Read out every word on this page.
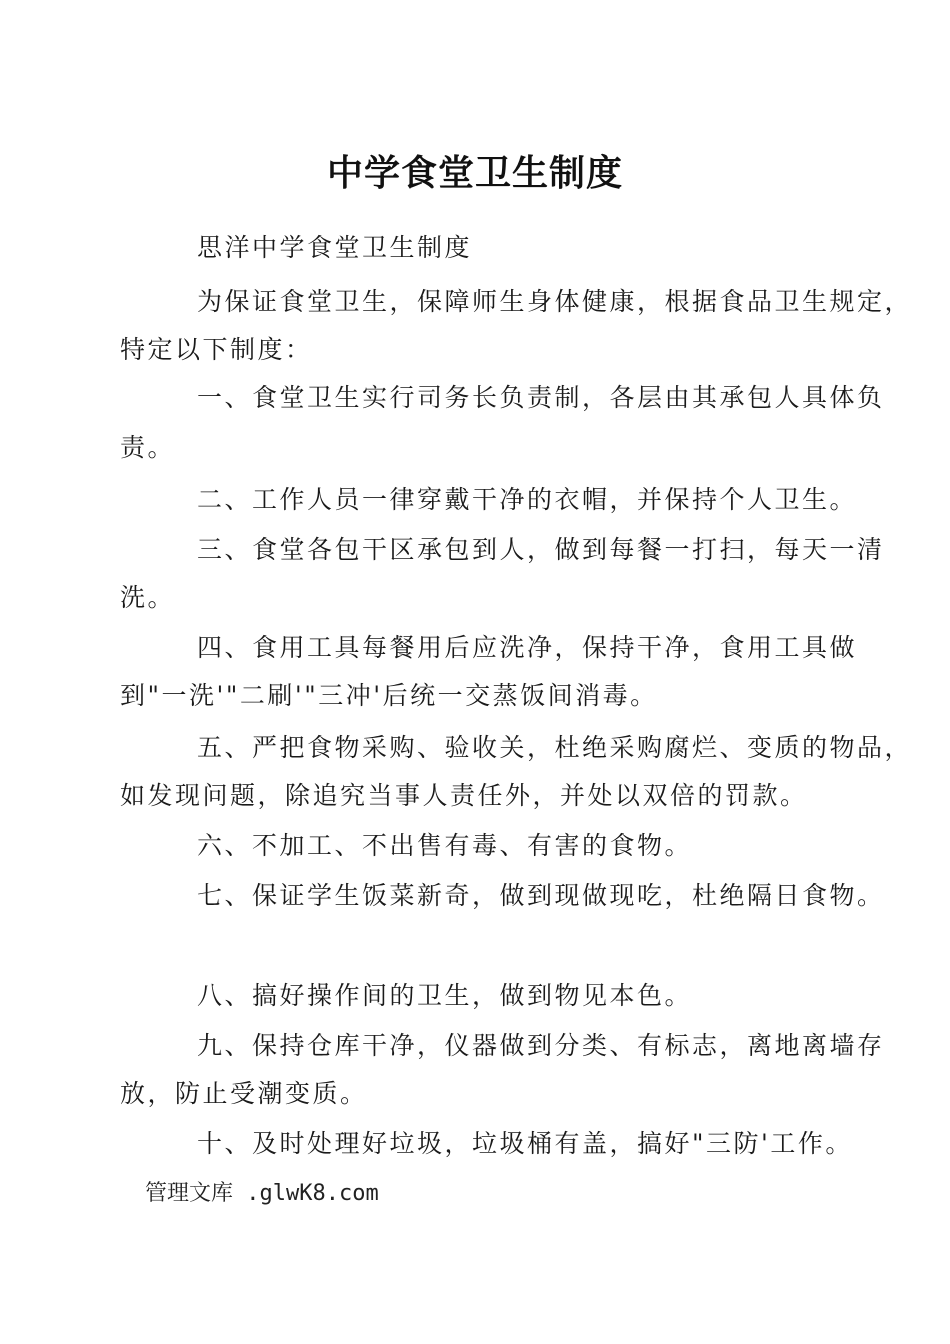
中学食堂卫生制度
思洋中学食堂卫生制度
为保证食堂卫生，保障师生身体健康，根据食品卫生规定，
特定以下制度：
一、食堂卫生实行司务长负责制，各层由其承包人具体负
责。
二、工作人员一律穿戴干净的衣帽，并保持个人卫生。
三、食堂各包干区承包到人，做到每餐一打扫，每天一清
洗。
四、食用工具每餐用后应洗净，保持干净，食用工具做
到"一洗'"二刷'"三冲'后统一交蒸饭间消毒。
五、严把食物采购、验收关，杜绝采购腐烂、变质的物品，
如发现问题，除追究当事人责任外，并处以双倍的罚款。
六、不加工、不出售有毒、有害的食物。
七、保证学生饭菜新奇，做到现做现吃，杜绝隔日食物。
八、搞好操作间的卫生，做到物见本色。
九、保持仓库干净，仪器做到分类、有标志，离地离墙存
放，防止受潮变质。
十、及时处理好垃圾，垃圾桶有盖，搞好"三防'工作。
管理文库 .glwK8.com
